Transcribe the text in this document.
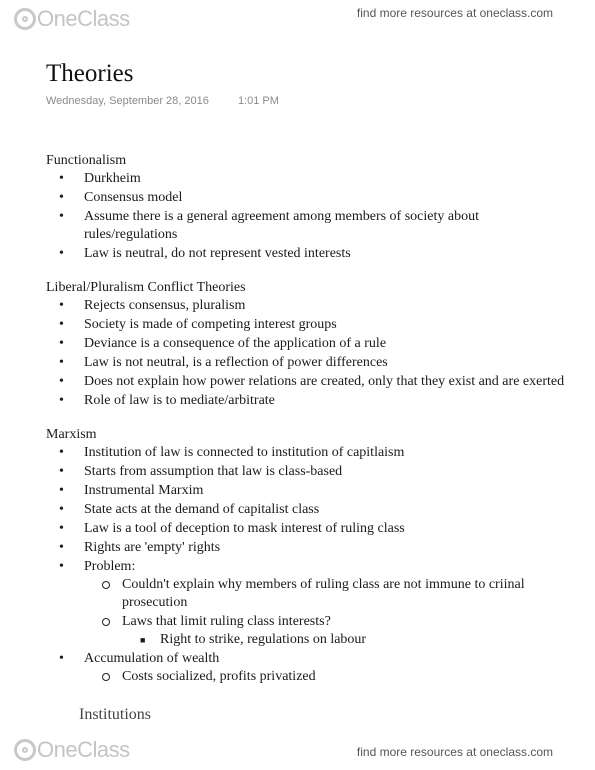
OneClass	find more resources at oneclass.com
Theories
Wednesday, September 28, 2016	1:01 PM
Functionalism
• Durkheim
• Consensus model
• Assume there is a general agreement among members of society about rules/regulations
• Law is neutral, do not represent vested interests
Liberal/Pluralism Conflict Theories
• Rejects consensus, pluralism
• Society is made of competing interest groups
• Deviance is a consequence of the application of a rule
• Law is not neutral, is a reflection of power differences
• Does not explain how power relations are created, only that they exist and are exerted
• Role of law is to mediate/arbitrate
Marxism
• Institution of law is connected to institution of capitlaism
• Starts from assumption that law is class-based
• Instrumental Marxim
• State acts at the demand of capitalist class
• Law is a tool of deception to mask interest of ruling class
• Rights are 'empty' rights
• Problem:
Couldn't explain why members of ruling class are not immune to criinal prosecution
Laws that limit ruling class interests?
■ Right to strike, regulations on labour
• Accumulation of wealth
Costs socialized, profits privatized
Institutions
OneClass	find more resources at oneclass.com
